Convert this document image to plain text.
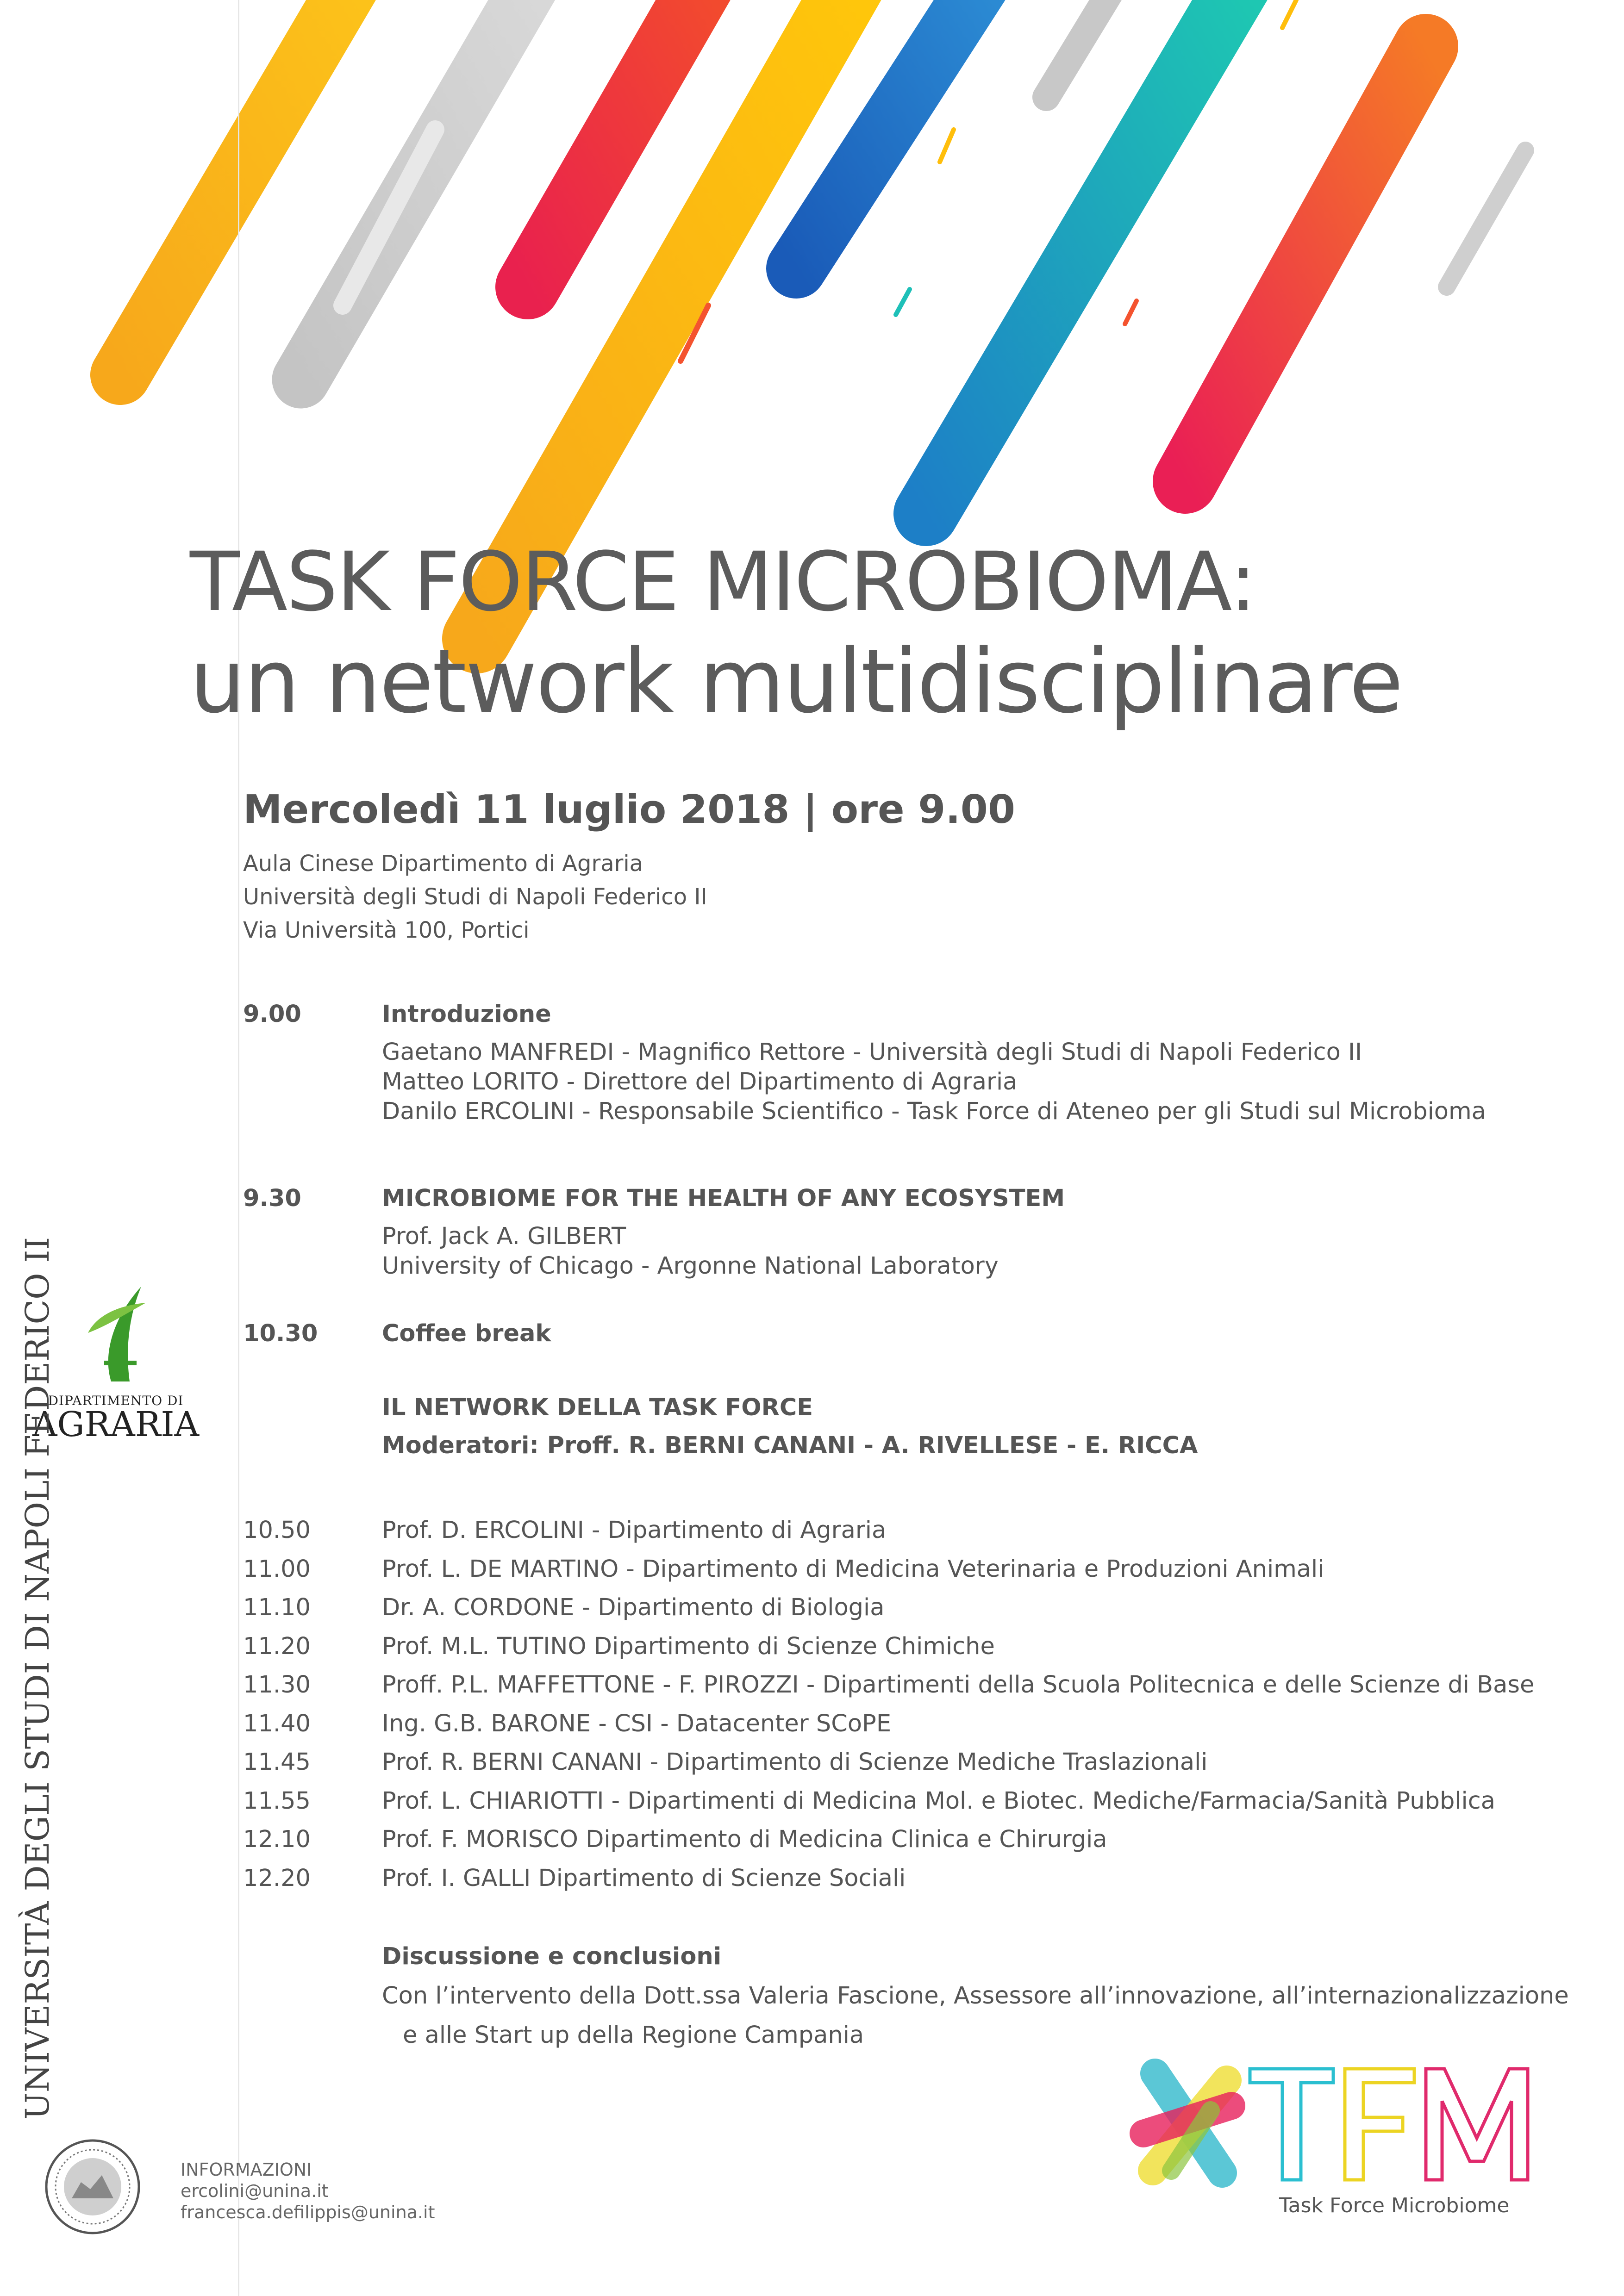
TASK FORCE MICROBIOMA:
un network multidisciplinare
Mercoledì 11 luglio 2018 | ore 9.00
Aula Cinese Dipartimento di Agraria
Università degli Studi di Napoli Federico II
Via Università 100, Portici
9.00	Introduzione
Gaetano MANFREDI - Magnifico Rettore - Università degli Studi di Napoli Federico II
Matteo LORITO - Direttore del Dipartimento di Agraria
Danilo ERCOLINI - Responsabile Scientifico - Task Force di Ateneo per gli Studi sul Microbioma
9.30	MICROBIOME FOR THE HEALTH OF ANY ECOSYSTEM
Prof. Jack A. GILBERT
University of Chicago - Argonne National Laboratory
10.30	Coffee break
IL NETWORK DELLA TASK FORCE
Moderatori: Proff. R. BERNI CANANI - A. RIVELLESE - E. RICCA
10.50	Prof. D. ERCOLINI - Dipartimento di Agraria
11.00	Prof. L. DE MARTINO - Dipartimento di Medicina Veterinaria e Produzioni Animali
11.10	Dr. A. CORDONE - Dipartimento di Biologia
11.20	Prof. M.L. TUTINO Dipartimento di Scienze Chimiche
11.30	Proff. P.L. MAFFETTONE - F. PIROZZI - Dipartimenti della Scuola Politecnica e delle Scienze di Base
11.40	Ing. G.B. BARONE - CSI - Datacenter SCoPE
11.45	Prof. R. BERNI CANANI - Dipartimento di Scienze Mediche Traslazionali
11.55	Prof. L. CHIARIOTTI - Dipartimenti di Medicina Mol. e Biotec. Mediche/Farmacia/Sanità Pubblica
12.10	Prof. F. MORISCO Dipartimento di Medicina Clinica e Chirurgia
12.20	Prof. I. GALLI Dipartimento di Scienze Sociali
Discussione e conclusioni
Con l’intervento della Dott.ssa Valeria Fascione, Assessore all’innovazione, all’internazionalizzazione
e alle Start up della Regione Campania
INFORMAZIONI
ercolini@unina.it
francesca.defilippis@unina.it
DIPARTIMENTO DI
AGRARIA
UNIVERSITÀ DEGLI STUDI DI NAPOLI FEDERICO II
Task Force Microbiome
